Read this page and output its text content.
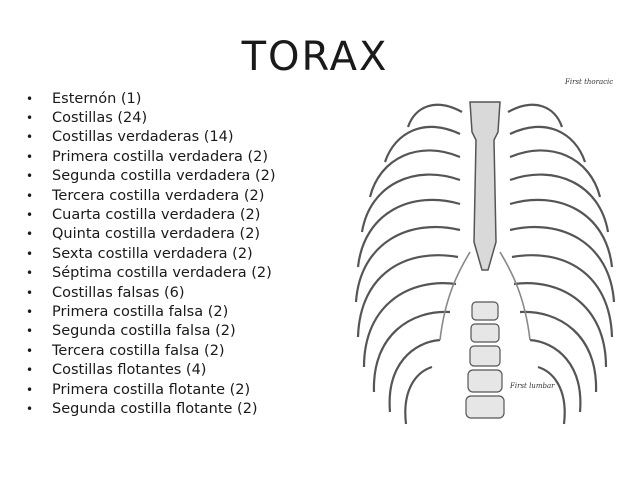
TORAX
•	Esternón (1)
•	Costillas (24)
•	Costillas verdaderas (14)
•	Primera costilla verdadera (2)
•	Segunda costilla verdadera (2)
•	Tercera costilla verdadera (2)
•	Cuarta costilla verdadera (2)
•	Quinta costilla verdadera (2)
•	Sexta costilla verdadera (2)
•	Séptima costilla verdadera (2)
•	Costillas falsas (6)
•	Primera costilla falsa (2)
•	Segunda costilla falsa (2)
•	Tercera costilla falsa (2)
•	Costillas flotantes (4)
•	Primera costilla flotante (2)
•	Segunda costilla flotante (2)
First thoracic
First lumbar
